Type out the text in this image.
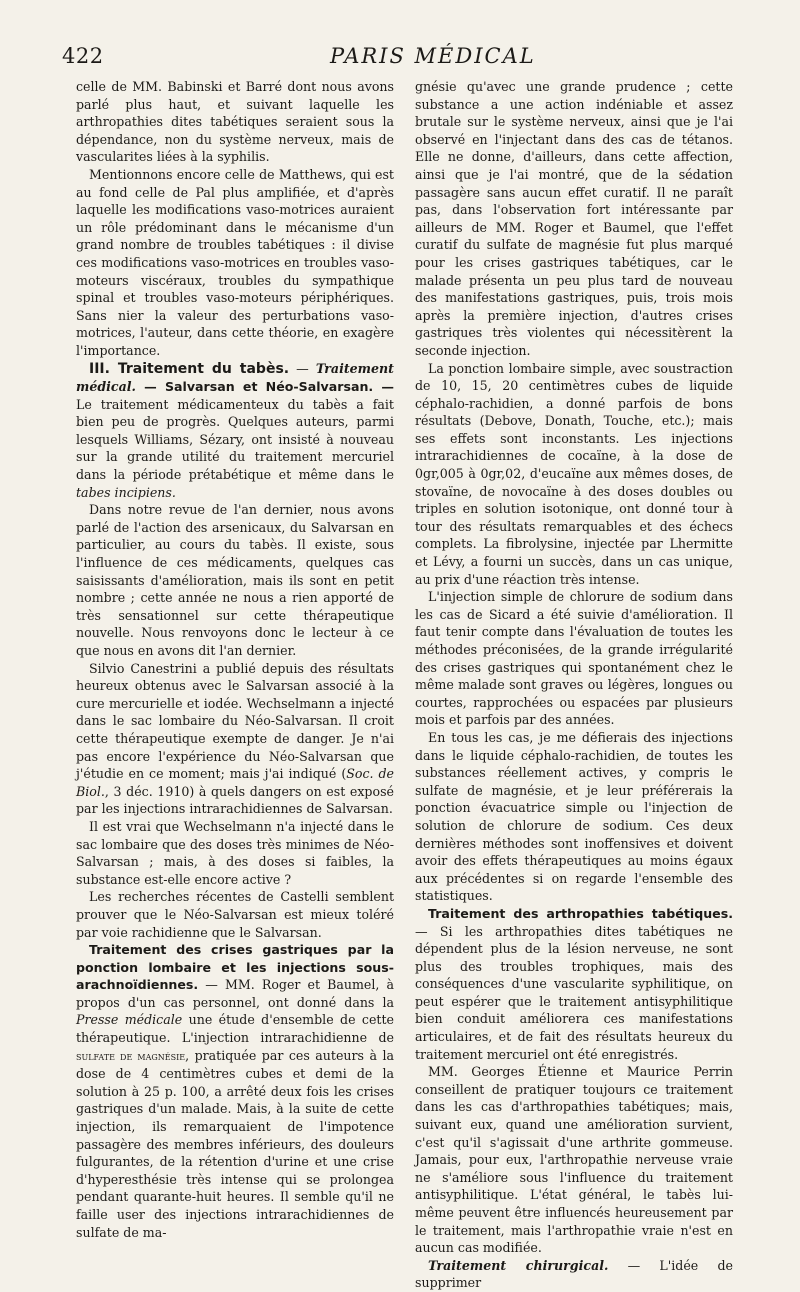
422	PARIS MÉDICAL

celle de MM. Babinski et Barré dont nous avons parlé plus haut, et suivant laquelle les arthropathies dites tabétiques seraient sous la dépendance, non du système nerveux, mais de vascularites liées à la syphilis.

Mentionnons encore celle de Matthews, qui est au fond celle de Pal plus amplifiée, et d'après laquelle les modifications vaso-motrices auraient un rôle prédominant dans le mécanisme d'un grand nombre de troubles tabétiques : il divise ces modifications vaso-motrices en troubles vaso-moteurs viscéraux, troubles du sympathique spinal et troubles vaso-moteurs périphériques. Sans nier la valeur des perturbations vaso-motrices, l'auteur, dans cette théorie, en exagère l'importance.

III. Traitement du tabès. — Traitement médical. — Salvarsan et Néo-Salvarsan. — Le traitement médicamenteux du tabès a fait bien peu de progrès. Quelques auteurs, parmi lesquels Williams, Sézary, ont insisté à nouveau sur la grande utilité du traitement mercuriel dans la période prétabétique et même dans le tabes incipiens.

Dans notre revue de l'an dernier, nous avons parlé de l'action des arsenicaux, du Salvarsan en particulier, au cours du tabès. Il existe, sous l'influence de ces médicaments, quelques cas saisissants d'amélioration, mais ils sont en petit nombre ; cette année ne nous a rien apporté de très sensationnel sur cette thérapeutique nouvelle. Nous renvoyons donc le lecteur à ce que nous en avons dit l'an dernier.

Silvio Canestrini a publié depuis des résultats heureux obtenus avec le Salvarsan associé à la cure mercurielle et iodée. Wechselmann a injecté dans le sac lombaire du Néo-Salvarsan. Il croit cette thérapeutique exempte de danger. Je n'ai pas encore l'expérience du Néo-Salvarsan que j'étudie en ce moment; mais j'ai indiqué (Soc. de Biol., 3 déc. 1910) à quels dangers on est exposé par les injections intrarachidiennes de Salvarsan.

Il est vrai que Wechselmann n'a injecté dans le sac lombaire que des doses très minimes de Néo-Salvarsan ; mais, à des doses si faibles, la substance est-elle encore active ?

Les recherches récentes de Castelli semblent prouver que le Néo-Salvarsan est mieux toléré par voie rachidienne que le Salvarsan.

Traitement des crises gastriques par la ponction lombaire et les injections sous-arachnoïdiennes. — MM. Roger et Baumel, à propos d'un cas personnel, ont donné dans la Presse médicale une étude d'ensemble de cette thérapeutique. L'injection intrarachidienne de sulfate de magnésie, pratiquée par ces auteurs à la dose de 4 centimètres cubes et demi de la solution à 25 p. 100, a arrêté deux fois les crises gastriques d'un malade. Mais, à la suite de cette injection, ils remarquaient de l'impotence passagère des membres inférieurs, des douleurs fulgurantes, de la rétention d'urine et une crise d'hyperesthésie très intense qui se prolongea pendant quarante-huit heures. Il semble qu'il ne faille user des injections intrarachidiennes de sulfate de ma-

gnésie qu'avec une grande prudence ; cette substance a une action indéniable et assez brutale sur le système nerveux, ainsi que je l'ai observé en l'injectant dans des cas de tétanos. Elle ne donne, d'ailleurs, dans cette affection, ainsi que je l'ai montré, que de la sédation passagère sans aucun effet curatif. Il ne paraît pas, dans l'observation fort intéressante par ailleurs de MM. Roger et Baumel, que l'effet curatif du sulfate de magnésie fut plus marqué pour les crises gastriques tabétiques, car le malade présenta un peu plus tard de nouveau des manifestations gastriques, puis, trois mois après la première injection, d'autres crises gastriques très violentes qui nécessitèrent la seconde injection.

La ponction lombaire simple, avec soustraction de 10, 15, 20 centimètres cubes de liquide céphalo-rachidien, a donné parfois de bons résultats (Debove, Donath, Touche, etc.); mais ses effets sont inconstants. Les injections intrarachidiennes de cocaïne, à la dose de 0gr,005 à 0gr,02, d'eucaïne aux mêmes doses, de stovaïne, de novocaïne à des doses doubles ou triples en solution isotonique, ont donné tour à tour des résultats remarquables et des échecs complets. La fibrolysine, injectée par Lhermitte et Lévy, a fourni un succès, dans un cas unique, au prix d'une réaction très intense.

L'injection simple de chlorure de sodium dans les cas de Sicard a été suivie d'amélioration. Il faut tenir compte dans l'évaluation de toutes les méthodes préconisées, de la grande irrégularité des crises gastriques qui spontanément chez le même malade sont graves ou légères, longues ou courtes, rapprochées ou espacées par plusieurs mois et parfois par des années.

En tous les cas, je me défierais des injections dans le liquide céphalo-rachidien, de toutes les substances réellement actives, y compris le sulfate de magnésie, et je leur préférerais la ponction évacuatrice simple ou l'injection de solution de chlorure de sodium. Ces deux dernières méthodes sont inoffensives et doivent avoir des effets thérapeutiques au moins égaux aux précédentes si on regarde l'ensemble des statistiques.

Traitement des arthropathies tabétiques. — Si les arthropathies dites tabétiques ne dépendent plus de la lésion nerveuse, ne sont plus des troubles trophiques, mais des conséquences d'une vascularite syphilitique, on peut espérer que le traitement antisyphilitique bien conduit améliorera ces manifestations articulaires, et de fait des résultats heureux du traitement mercuriel ont été enregistrés.

MM. Georges Étienne et Maurice Perrin conseillent de pratiquer toujours ce traitement dans les cas d'arthropathies tabétiques; mais, suivant eux, quand une amélioration survient, c'est qu'il s'agissait d'une arthrite gommeuse. Jamais, pour eux, l'arthropathie nerveuse vraie ne s'améliore sous l'influence du traitement antisyphilitique. L'état général, le tabès lui-même peuvent être influencés heureusement par le traitement, mais l'arthropathie vraie n'est en aucun cas modifiée.

Traitement chirurgical. — L'idée de supprimer
